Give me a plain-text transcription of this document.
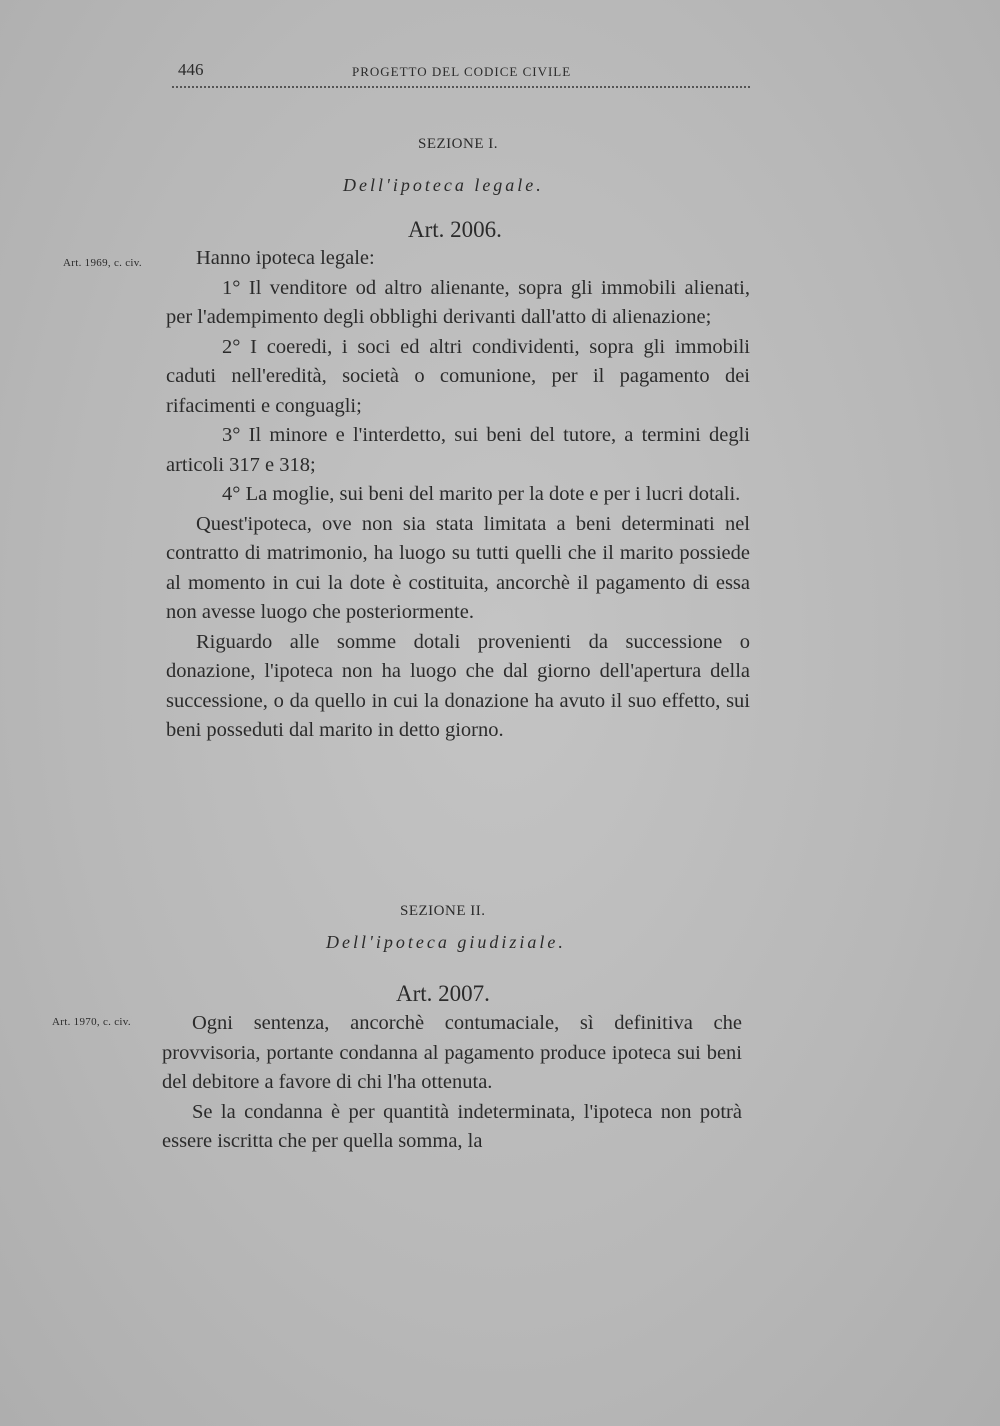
446	PROGETTO DEL CODICE CIVILE
SEZIONE I.
Dell'ipoteca legale.
Art. 2006.
Art. 1969, c. civ.	Hanno ipoteca legale:

1° Il venditore od altro alienante, sopra gli immobili alienati, per l'adempimento degli obblighi derivanti dall'atto di alienazione;

2° I coeredi, i soci ed altri condividenti, sopra gli immobili caduti nell'eredità, società o comunione, per il pagamento dei rifacimenti e conguagli;

3° Il minore e l'interdetto, sui beni del tutore, a termini degli articoli 317 e 318;

4° La moglie, sui beni del marito per la dote e per i lucri dotali.

Quest'ipoteca, ove non sia stata limitata a beni determinati nel contratto di matrimonio, ha luogo su tutti quelli che il marito possiede al momento in cui la dote è costituita, ancorchè il pagamento di essa non avesse luogo che posteriormente.

Riguardo alle somme dotali provenienti da successione o donazione, l'ipoteca non ha luogo che dal giorno dell'apertura della successione, o da quello in cui la donazione ha avuto il suo effetto, sui beni posseduti dal marito in detto giorno.

SEZIONE II.
Dell'ipoteca giudiziale.
Art. 2007.
Art. 1970, c. civ.	Ogni sentenza, ancorchè contumaciale, sì definitiva che provvisoria, portante condanna al pagamento produce ipoteca sui beni del debitore a favore di chi l'ha ottenuta.

Se la condanna è per quantità indeterminata, l'ipoteca non potrà essere iscritta che per quella somma, la
